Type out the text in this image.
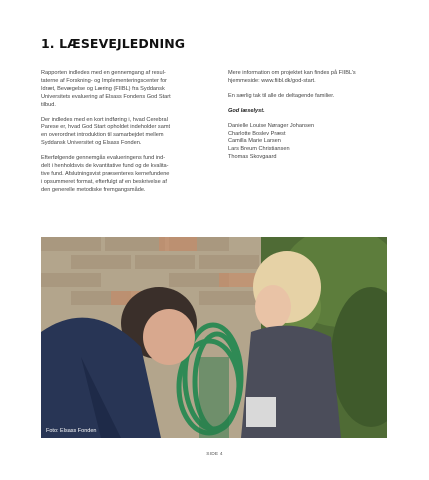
1. LÆSEVEJLEDNING

Rapporten indledes med en gennemgang af resul-
taterne af Forskning- og Implementeringscenter for
Idræt, Bevægelse og Læring (FIIBL) fra Syddansk
Universitets evaluering af Elsass Fondens God Start
tilbud.

Der indledes med en kort indføring i, hvad Cerebral
Parese er, hvad God Start opholdet indeholder samt
en overordnet introduktion til samarbejdet mellem
Syddansk Universitet og Elsass Fonden.

Efterfølgende gennemgås evalueringens fund ind-
delt i henholdsvis de kvantitative fund og de kvalita-
tive fund. Afslutningsvist præsenteres kernefundene
i opsummeret format, efterfulgt af en beskrivelse af
den generelle metodiske fremgangsmåde.

Mere information om projektet kan findes på FIIBL’s
hjemmeside: www.fiibl.dk/god-start.

En særlig tak til alle de deltagende familier.

God læselyst.

Danielle Louise Nørager Johansen
Charlotte Boslev Præst
Camilla Marie Larsen
Lars Breum Christiansen
Thomas Skovgaard
Foto: Elsass Fonden
SIDE 4
